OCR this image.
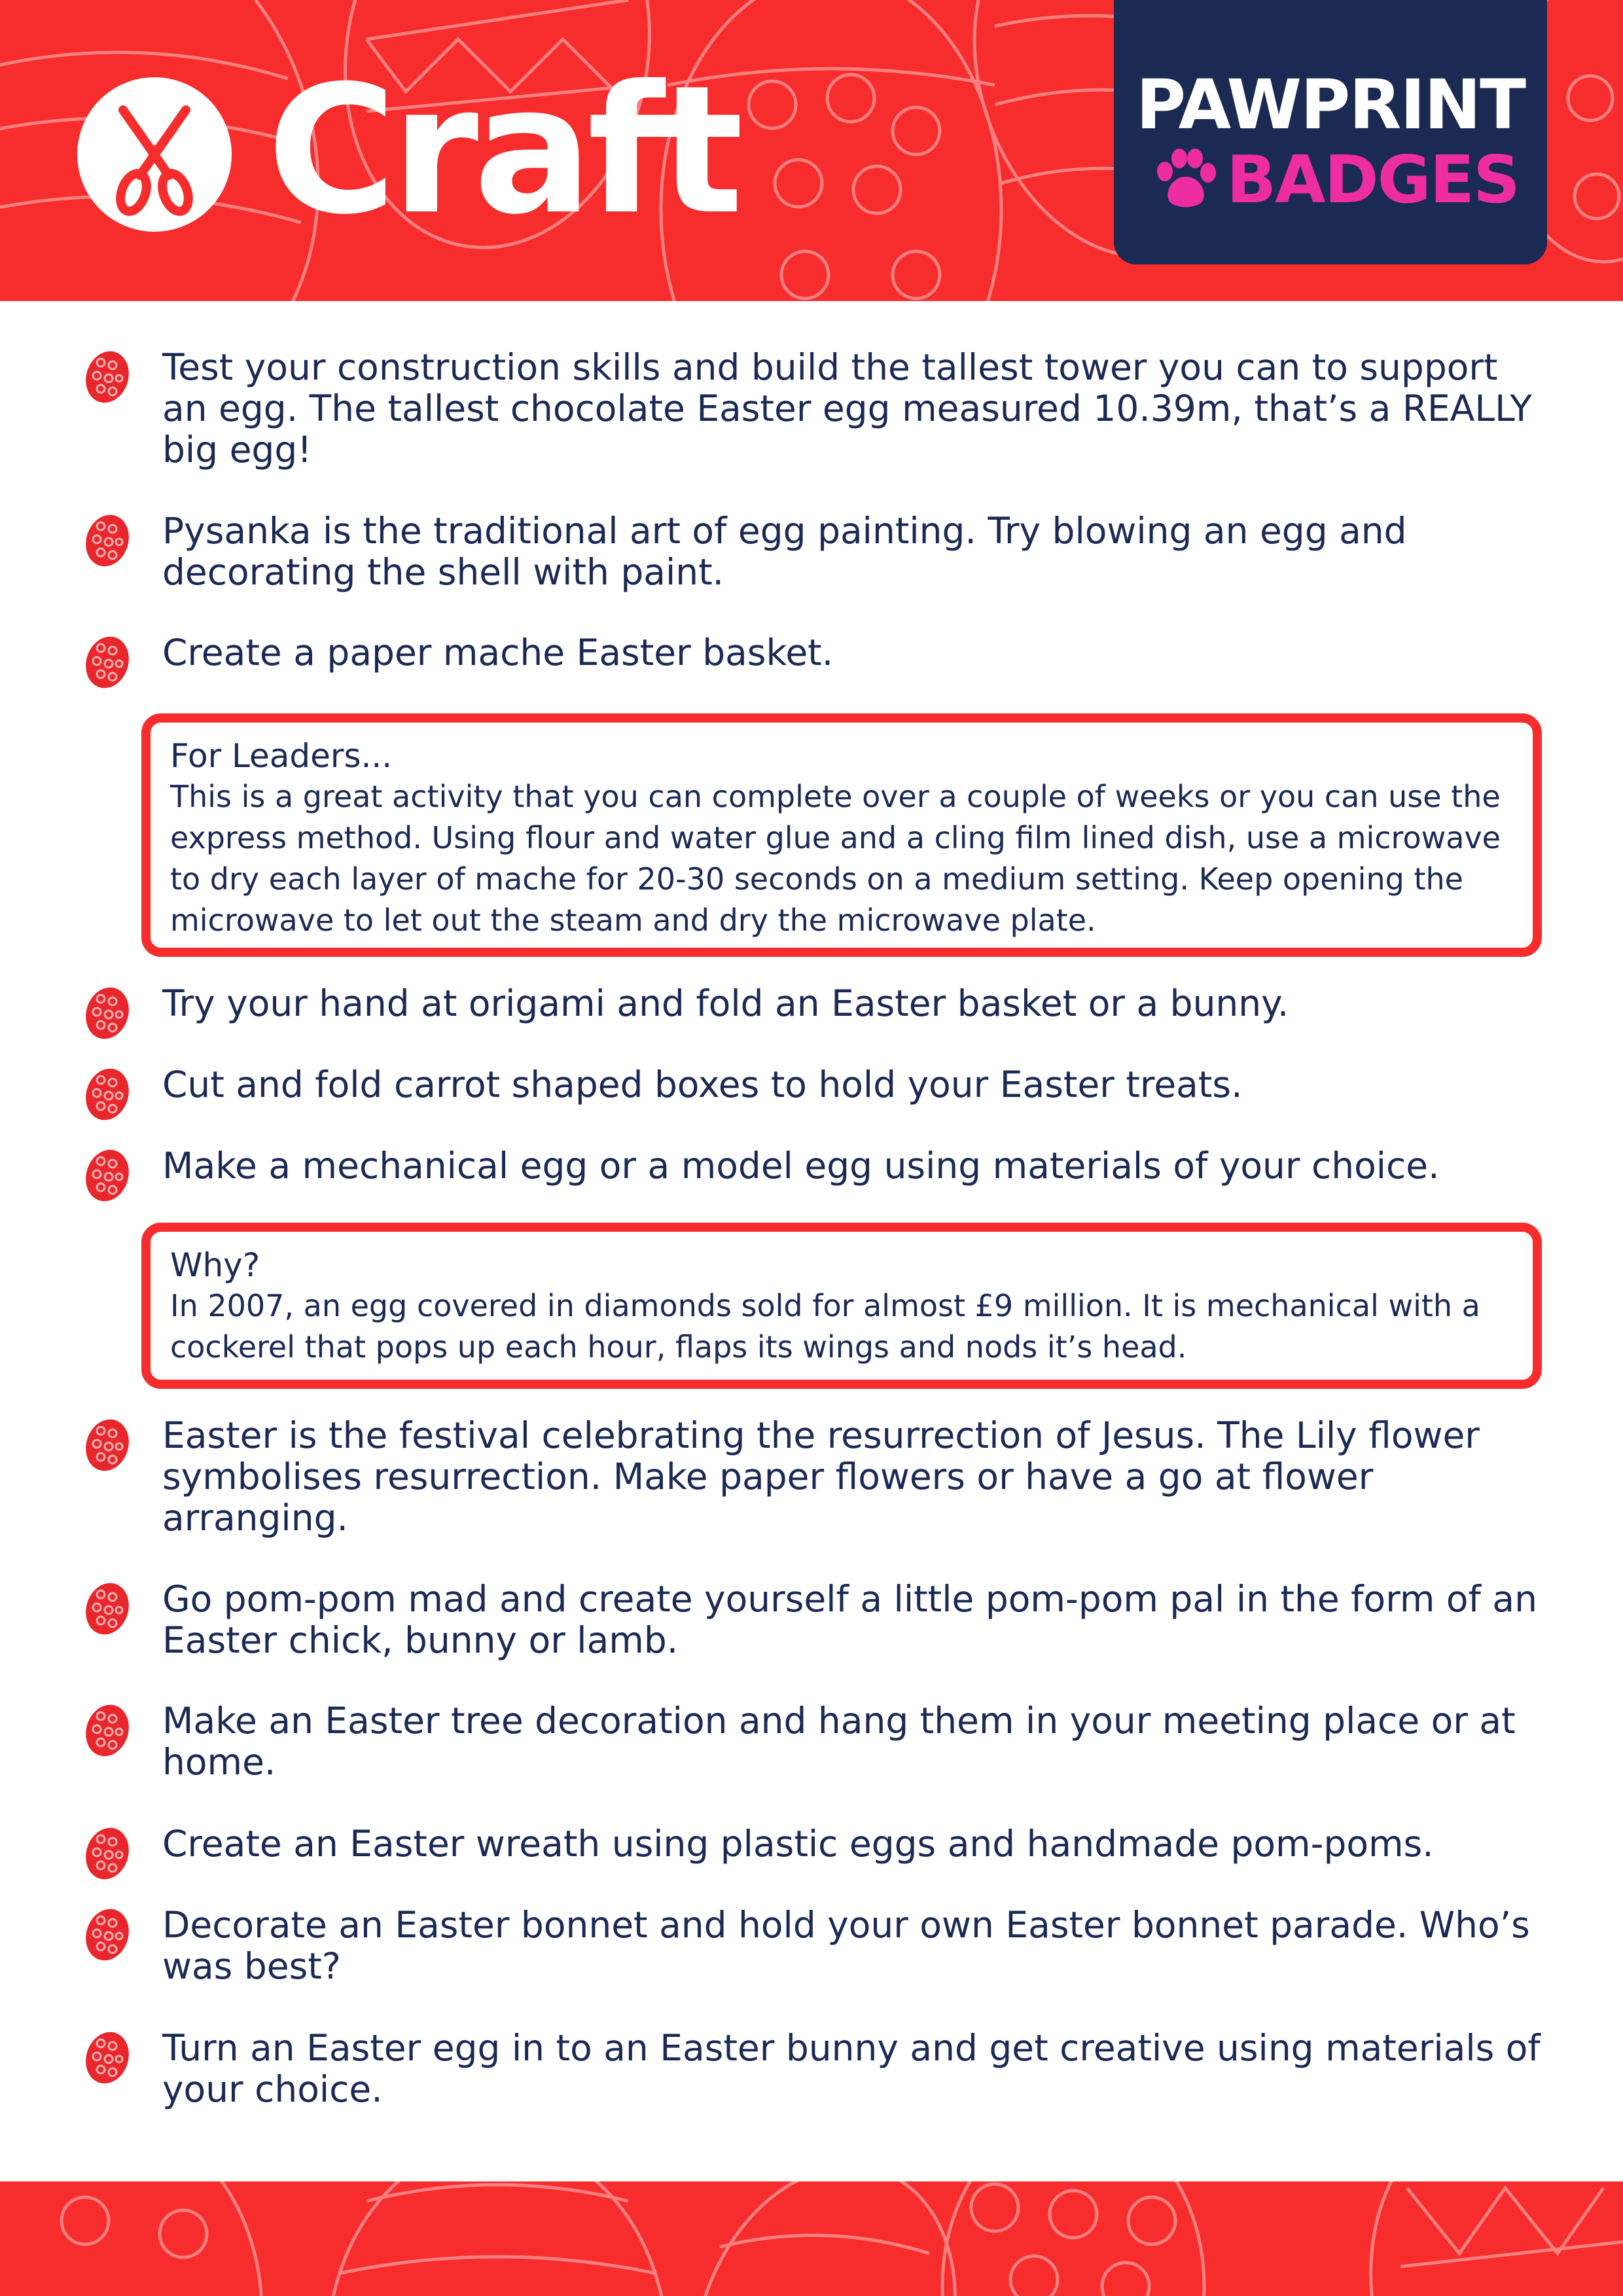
Craft	PAWPRINT
BADGES
Test your construction skills and build the tallest tower you can to support an egg. The tallest chocolate Easter egg measured 10.39m, that’s a REALLY big egg!
Pysanka is the traditional art of egg painting. Try blowing an egg and decorating the shell with paint.
Create a paper mache Easter basket.
For Leaders...
This is a great activity that you can complete over a couple of weeks or you can use the express method. Using flour and water glue and a cling film lined dish, use a microwave to dry each layer of mache for 20-30 seconds on a medium setting. Keep opening the microwave to let out the steam and dry the microwave plate.
Try your hand at origami and fold an Easter basket or a bunny.
Cut and fold carrot shaped boxes to hold your Easter treats.
Make a mechanical egg or a model egg using materials of your choice.
Why?
In 2007, an egg covered in diamonds sold for almost £9 million. It is mechanical with a cockerel that pops up each hour, flaps its wings and nods it’s head.
Easter is the festival celebrating the resurrection of Jesus. The Lily flower symbolises resurrection. Make paper flowers or have a go at flower arranging.
Go pom-pom mad and create yourself a little pom-pom pal in the form of an Easter chick, bunny or lamb.
Make an Easter tree decoration and hang them in your meeting place or at home.
Create an Easter wreath using plastic eggs and handmade pom-poms.
Decorate an Easter bonnet and hold your own Easter bonnet parade. Who’s was best?
Turn an Easter egg in to an Easter bunny and get creative using materials of your choice.
